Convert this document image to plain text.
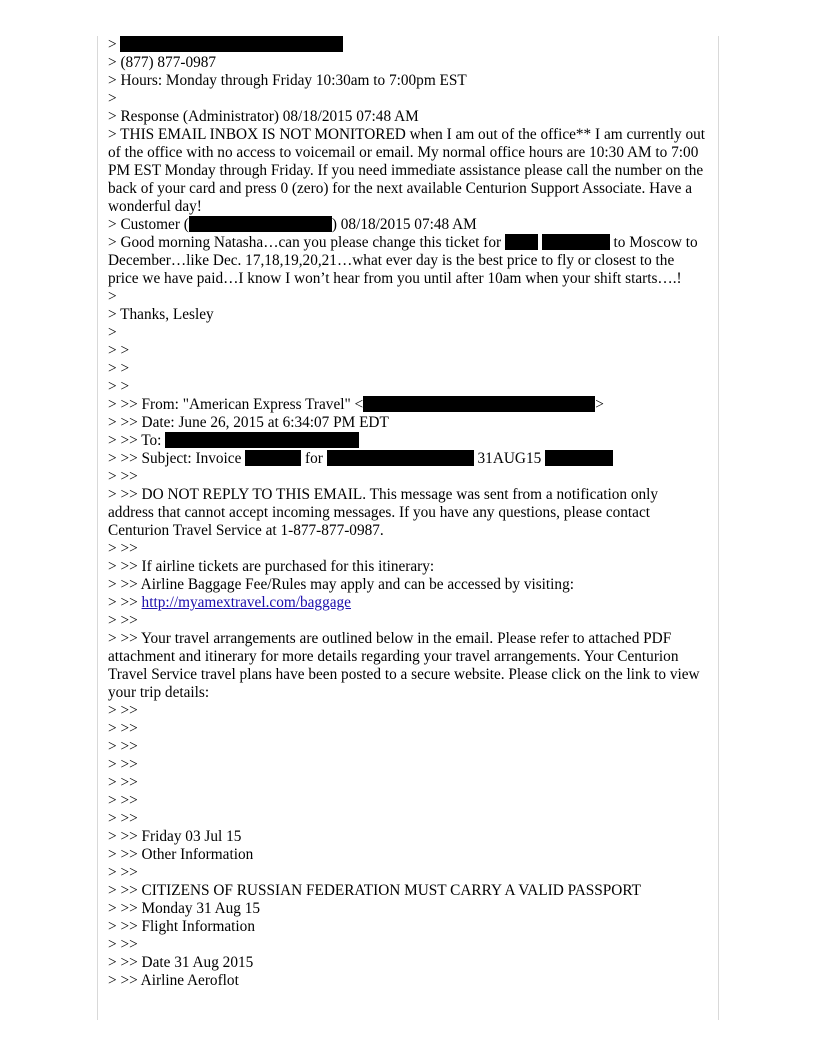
>

> (877) 877-0987

> Hours: Monday through Friday 10:30am to 7:00pm EST

>

> Response (Administrator) 08/18/2015 07:48 AM

> THIS EMAIL INBOX IS NOT MONITORED when I am out of the office** I am currently out of the office with no access to voicemail or email. My normal office hours are 10:30 AM to 7:00 PM EST Monday through Friday. If you need immediate assistance please call the number on the back of your card and press 0 (zero) for the next available Centurion Support Associate. Have a wonderful day!

> Customer (	) 08/18/2015 07:48 AM

> Good morning Natasha…can you please change this ticket for	to Moscow to December…like Dec. 17,18,19,20,21…what ever day is the best price to fly or closest to the price we have paid…I know I won’t hear from you until after 10am when your shift starts….!

>

> Thanks, Lesley

>

> >

> >

> >

> >> From: "American Express Travel" <	>

> >> Date: June 26, 2015 at 6:34:07 PM EDT

> >> To:

> >> Subject: Invoice	for	31AUG15

> >>

> >> DO NOT REPLY TO THIS EMAIL. This message was sent from a notification only address that cannot accept incoming messages. If you have any questions, please contact Centurion Travel Service at 1-877-877-0987.

> >>

> >> If airline tickets are purchased for this itinerary:

> >> Airline Baggage Fee/Rules may apply and can be accessed by visiting:

> >> http://myamextravel.com/baggage

> >>

> >> Your travel arrangements are outlined below in the email. Please refer to attached PDF attachment and itinerary for more details regarding your travel arrangements. Your Centurion Travel Service travel plans have been posted to a secure website. Please click on the link to view your trip details:

> >>

> >>

> >>

> >>

> >>

> >>

> >>

> >> Friday 03 Jul 15

> >> Other Information

> >>

> >> CITIZENS OF RUSSIAN FEDERATION MUST CARRY A VALID PASSPORT

> >> Monday 31 Aug 15

> >> Flight Information

> >>

> >> Date 31 Aug 2015

> >> Airline Aeroflot
